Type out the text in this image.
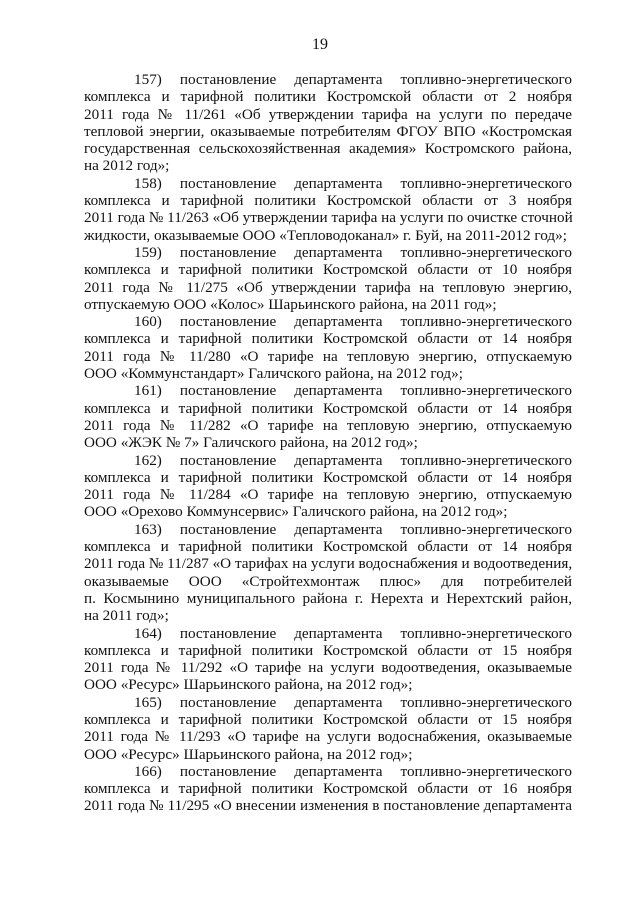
19
157)    постановление    департамента    топливно-энергетического
комплекса и тарифной политики Костромской области от 2 ноября
2011 года № 11/261 «Об утверждении тарифа на услуги по передаче
тепловой энергии, оказываемые потребителям ФГОУ ВПО «Костромская
государственная сельскохозяйственная академия» Костромского района,
на 2012 год»;
158)    постановление    департамента    топливно-энергетического
комплекса и тарифной политики Костромской области от 3 ноября
2011 года № 11/263 «Об утверждении тарифа на услуги по очистке сточной
жидкости, оказываемые ООО «Тепловодоканал» г. Буй, на 2011-2012 год»;
159)    постановление    департамента    топливно-энергетического
комплекса и тарифной политики Костромской области от 10 ноября
2011 года № 11/275 «Об утверждении тарифа на тепловую энергию,
отпускаемую ООО «Колос» Шарьинского района, на 2011 год»;
160)    постановление    департамента    топливно-энергетического
комплекса и тарифной политики Костромской области от 14 ноября
2011 года № 11/280 «О тарифе на тепловую энергию, отпускаемую
ООО «Коммунстандарт» Галичского района, на 2012 год»;
161)    постановление    департамента    топливно-энергетического
комплекса и тарифной политики Костромской области от 14 ноября
2011 года № 11/282 «О тарифе на тепловую энергию, отпускаемую
ООО «ЖЭК № 7» Галичского района, на 2012 год»;
162)    постановление    департамента    топливно-энергетического
комплекса и тарифной политики Костромской области от 14 ноября
2011 года № 11/284 «О тарифе на тепловую энергию, отпускаемую
ООО «Орехово Коммунсервис» Галичского района, на 2012 год»;
163)    постановление    департамента    топливно-энергетического
комплекса и тарифной политики Костромской области от 14 ноября
2011 года № 11/287 «О тарифах на услуги водоснабжения и водоотведения,
оказываемые ООО «Стройтехмонтаж плюс» для потребителей
п. Космынино муниципального района г. Нерехта и Нерехтский район,
на 2011 год»;
164)    постановление    департамента    топливно-энергетического
комплекса и тарифной политики Костромской области от 15 ноября
2011 года № 11/292 «О тарифе на услуги водоотведения, оказываемые
ООО «Ресурс» Шарьинского района, на 2012 год»;
165)    постановление    департамента    топливно-энергетического
комплекса и тарифной политики Костромской области от 15 ноября
2011 года № 11/293 «О тарифе на услуги водоснабжения, оказываемые
ООО «Ресурс» Шарьинского района, на 2012 год»;
166)    постановление    департамента    топливно-энергетического
комплекса и тарифной политики Костромской области от 16 ноября
2011 года № 11/295 «О внесении изменения в постановление департамента
